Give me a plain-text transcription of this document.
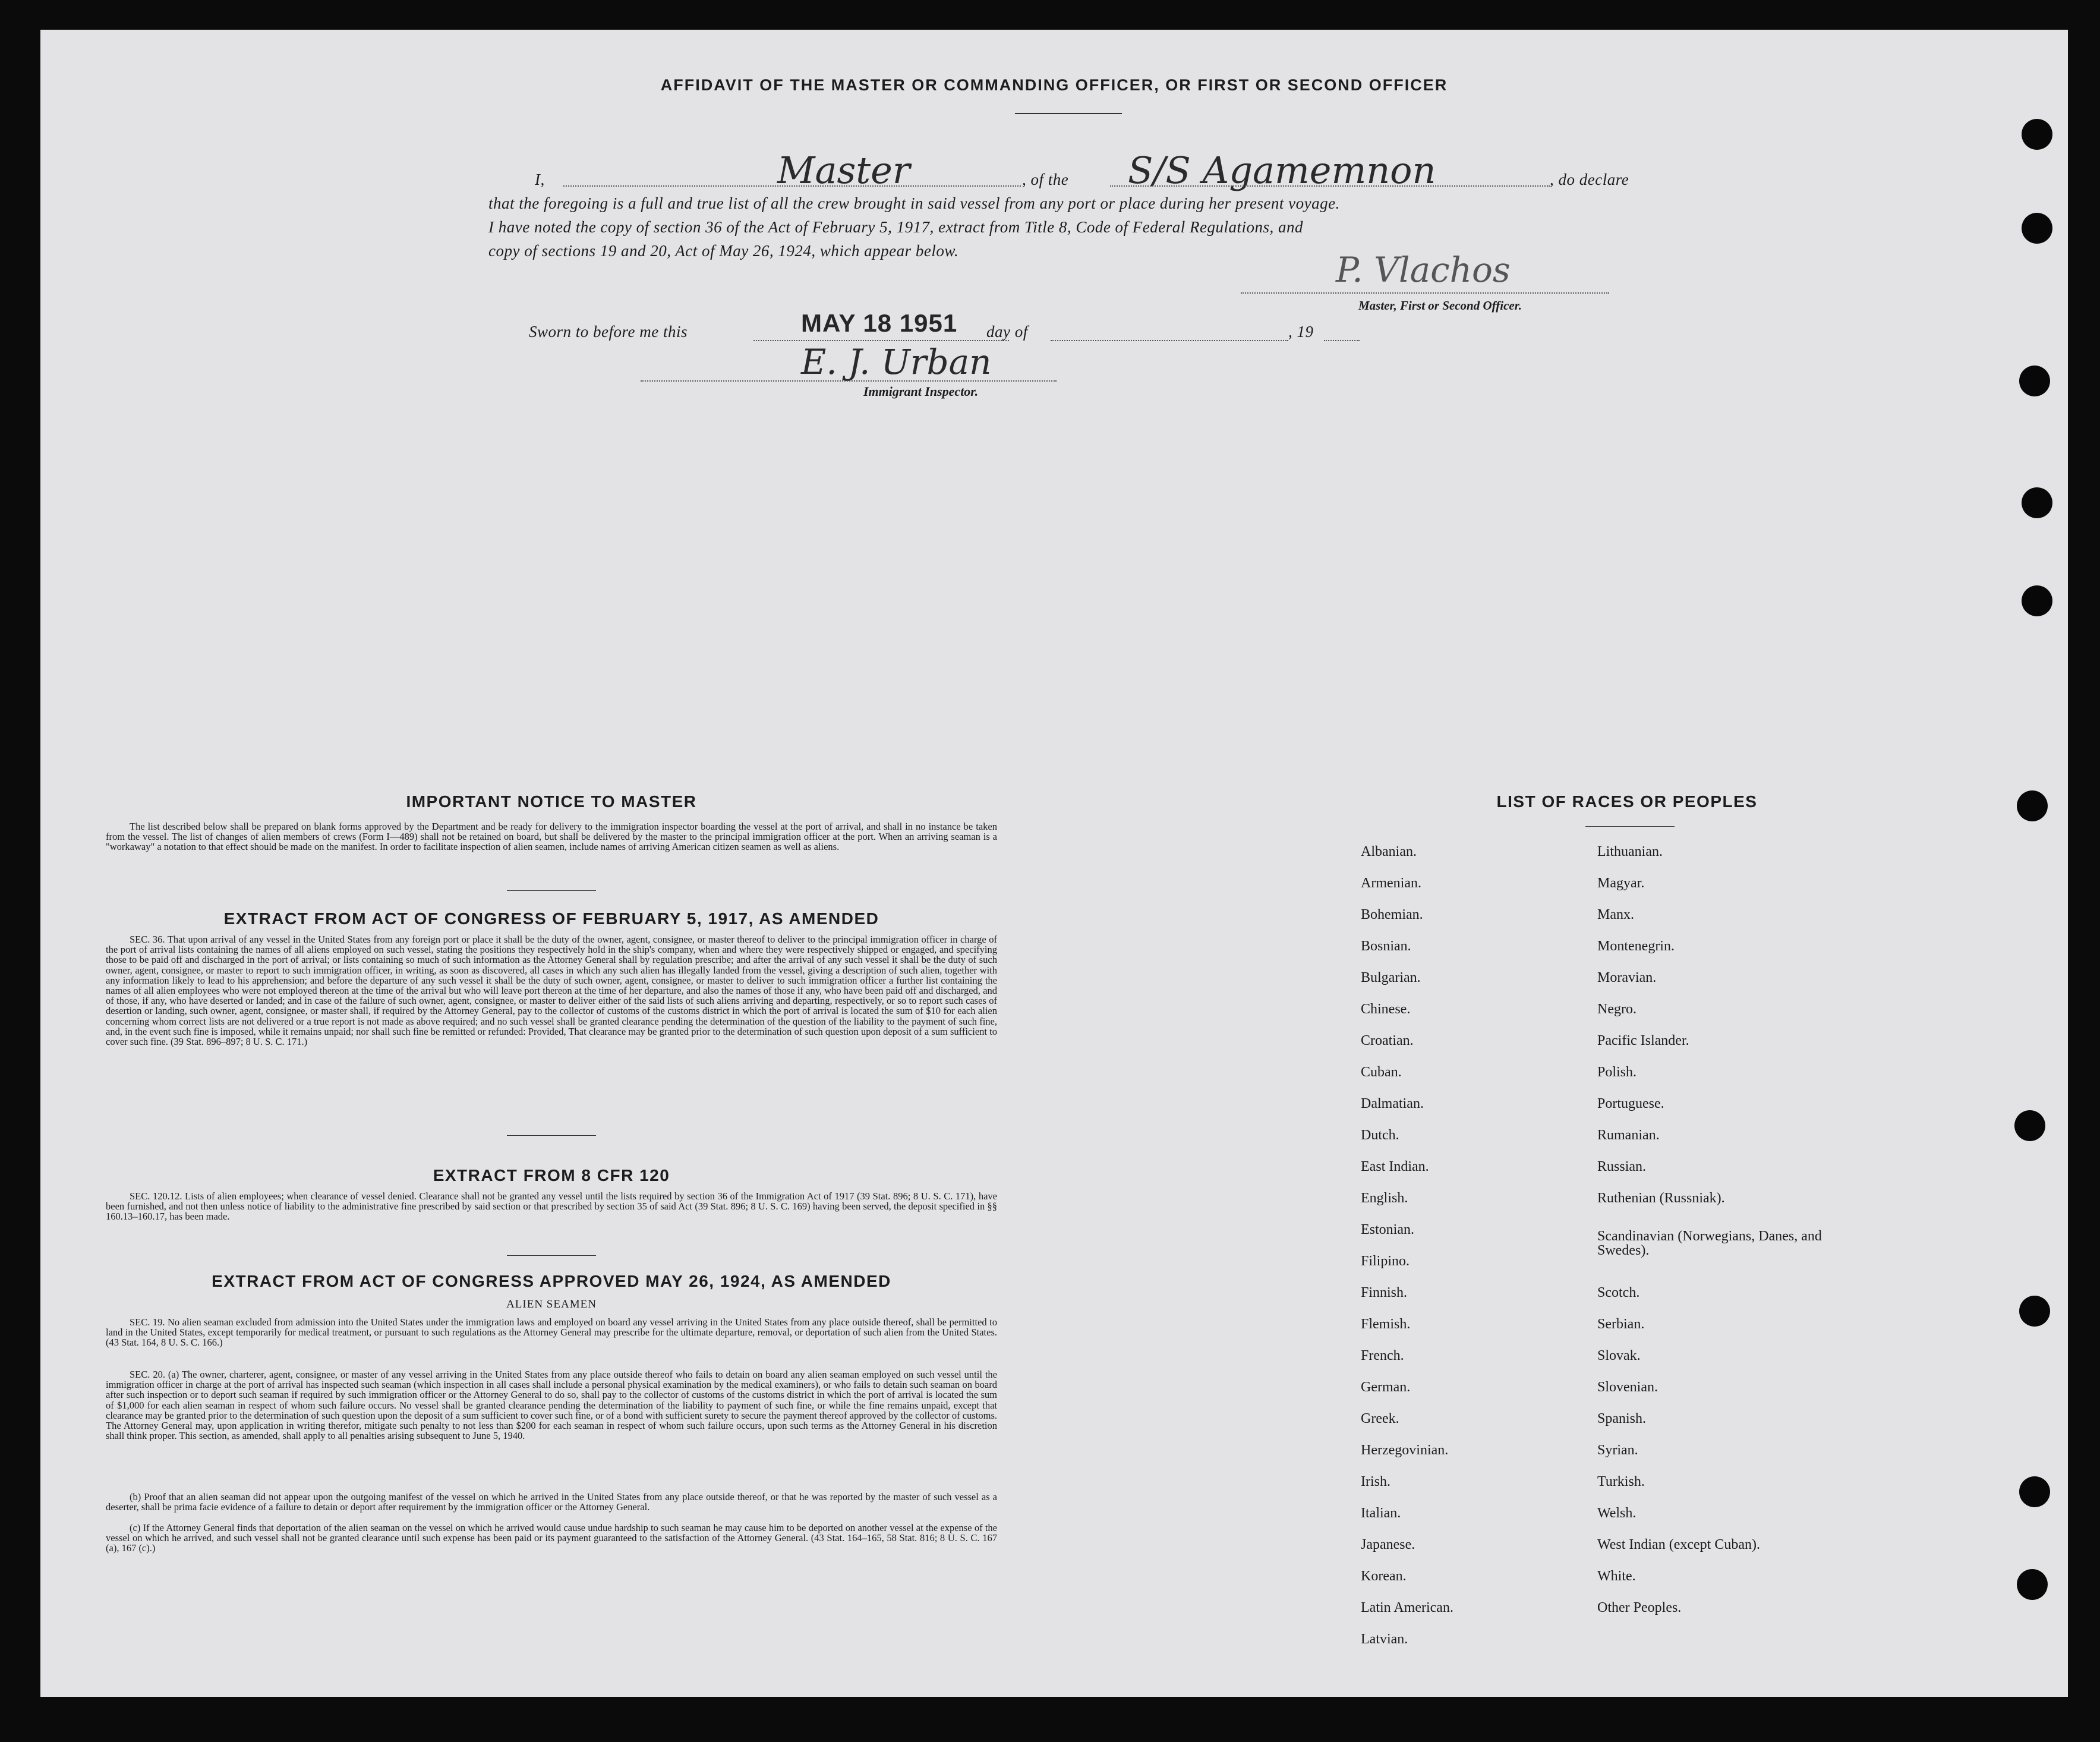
AFFIDAVIT OF THE MASTER OR COMMANDING OFFICER, OR FIRST OR SECOND OFFICER
I,	Master	, of the S/S Agamemnon	, do declare
that the foregoing is a full and true list of all the crew brought in said vessel from any port or place during her present voyage.
I have noted the copy of section 36 of the Act of February 5, 1917, extract from Title 8, Code of Federal Regulations, and
copy of sections 19 and 20, Act of May 26, 1924, which appear below.	P. Vlachos
Master, First or Second Officer.
Sworn to before me this	MAY 18 1951 day of	, 19
E. J. Urban
Immigrant Inspector.
IMPORTANT NOTICE TO MASTER
The list described below shall be prepared on blank forms approved by the Department and be ready for delivery to the immigration inspector boarding the vessel at the port of arrival, and shall in no instance be taken from the vessel. The list of changes of alien members of crews (Form I—489) shall not be retained on board, but shall be delivered by the master to the principal immigration officer at the port. When an arriving seaman is a "workaway" a notation to that effect should be made on the manifest. In order to facilitate inspection of alien seamen, include names of arriving American citizen seamen as well as aliens.
EXTRACT FROM ACT OF CONGRESS OF FEBRUARY 5, 1917, AS AMENDED
SEC. 36. That upon arrival of any vessel in the United States from any foreign port or place it shall be the duty of the owner, agent, consignee, or master thereof to deliver to the principal immigration officer in charge of the port of arrival lists containing the names of all aliens employed on such vessel, stating the positions they respectively hold in the ship's company, when and where they were respectively shipped or engaged, and specifying those to be paid off and discharged in the port of arrival; or lists containing so much of such information as the Attorney General shall by regulation prescribe; and after the arrival of any such vessel it shall be the duty of such owner, agent, consignee, or master to report to such immigration officer, in writing, as soon as discovered, all cases in which any such alien has illegally landed from the vessel, giving a description of such alien, together with any information likely to lead to his apprehension; and before the departure of any such vessel it shall be the duty of such owner, agent, consignee, or master to deliver to such immigration officer a further list containing the names of all alien employees who were not employed thereon at the time of the arrival but who will leave port thereon at the time of her departure, and also the names of those if any, who have been paid off and discharged, and of those, if any, who have deserted or landed; and in case of the failure of such owner, agent, consignee, or master to deliver either of the said lists of such aliens arriving and departing, respectively, or so to report such cases of desertion or landing, such owner, agent, consignee, or master shall, if required by the Attorney General, pay to the collector of customs of the customs district in which the port of arrival is located the sum of $10 for each alien concerning whom correct lists are not delivered or a true report is not made as above required; and no such vessel shall be granted clearance pending the determination of the question of the liability to the payment of such fine, and, in the event such fine is imposed, while it remains unpaid; nor shall such fine be remitted or refunded: Provided, That clearance may be granted prior to the determination of such question upon deposit of a sum sufficient to cover such fine. (39 Stat. 896–897; 8 U. S. C. 171.)
EXTRACT FROM 8 CFR 120
SEC. 120.12. Lists of alien employees; when clearance of vessel denied. Clearance shall not be granted any vessel until the lists required by section 36 of the Immigration Act of 1917 (39 Stat. 896; 8 U. S. C. 171), have been furnished, and not then unless notice of liability to the administrative fine prescribed by said section or that prescribed by section 35 of said Act (39 Stat. 896; 8 U. S. C. 169) having been served, the deposit specified in §§ 160.13–160.17, has been made.
EXTRACT FROM ACT OF CONGRESS APPROVED MAY 26, 1924, AS AMENDED
ALIEN SEAMEN
SEC. 19. No alien seaman excluded from admission into the United States under the immigration laws and employed on board any vessel arriving in the United States from any place outside thereof, shall be permitted to land in the United States, except temporarily for medical treatment, or pursuant to such regulations as the Attorney General may prescribe for the ultimate departure, removal, or deportation of such alien from the United States. (43 Stat. 164, 8 U. S. C. 166.)
SEC. 20. (a) The owner, charterer, agent, consignee, or master of any vessel arriving in the United States from any place outside thereof who fails to detain on board any alien seaman employed on such vessel until the immigration officer in charge at the port of arrival has inspected such seaman (which inspection in all cases shall include a personal physical examination by the medical examiners), or who fails to detain such seaman on board after such inspection or to deport such seaman if required by such immigration officer or the Attorney General to do so, shall pay to the collector of customs of the customs district in which the port of arrival is located the sum of $1,000 for each alien seaman in respect of whom such failure occurs. No vessel shall be granted clearance pending the determination of the liability to payment of such fine, or while the fine remains unpaid, except that clearance may be granted prior to the determination of such question upon the deposit of a sum sufficient to cover such fine, or of a bond with sufficient surety to secure the payment thereof approved by the collector of customs. The Attorney General may, upon application in writing therefor, mitigate such penalty to not less than $200 for each seaman in respect of whom such failure occurs, upon such terms as the Attorney General in his discretion shall think proper. This section, as amended, shall apply to all penalties arising subsequent to June 5, 1940.
(b) Proof that an alien seaman did not appear upon the outgoing manifest of the vessel on which he arrived in the United States from any place outside thereof, or that he was reported by the master of such vessel as a deserter, shall be prima facie evidence of a failure to detain or deport after requirement by the immigration officer or the Attorney General.
(c) If the Attorney General finds that deportation of the alien seaman on the vessel on which he arrived would cause undue hardship to such seaman he may cause him to be deported on another vessel at the expense of the vessel on which he arrived, and such vessel shall not be granted clearance until such expense has been paid or its payment guaranteed to the satisfaction of the Attorney General. (43 Stat. 164–165, 58 Stat. 816; 8 U. S. C. 167 (a), 167 (c).)
LIST OF RACES OR PEOPLES
Albanian.
Armenian.
Bohemian.
Bosnian.
Bulgarian.
Chinese.
Croatian.
Cuban.
Dalmatian.
Dutch.
East Indian.
English.
Estonian.
Filipino.
Finnish.
Flemish.
French.
German.
Greek.
Herzegovinian.
Irish.
Italian.
Japanese.
Korean.
Latin American.
Latvian.
Lithuanian.
Magyar.
Manx.
Montenegrin.
Moravian.
Negro.
Pacific Islander.
Polish.
Portuguese.
Rumanian.
Russian.
Ruthenian (Russniak).
Scandinavian (Norwegians, Danes, and Swedes).
Scotch.
Serbian.
Slovak.
Slovenian.
Spanish.
Syrian.
Turkish.
Welsh.
West Indian (except Cuban).
White.
Other Peoples.
